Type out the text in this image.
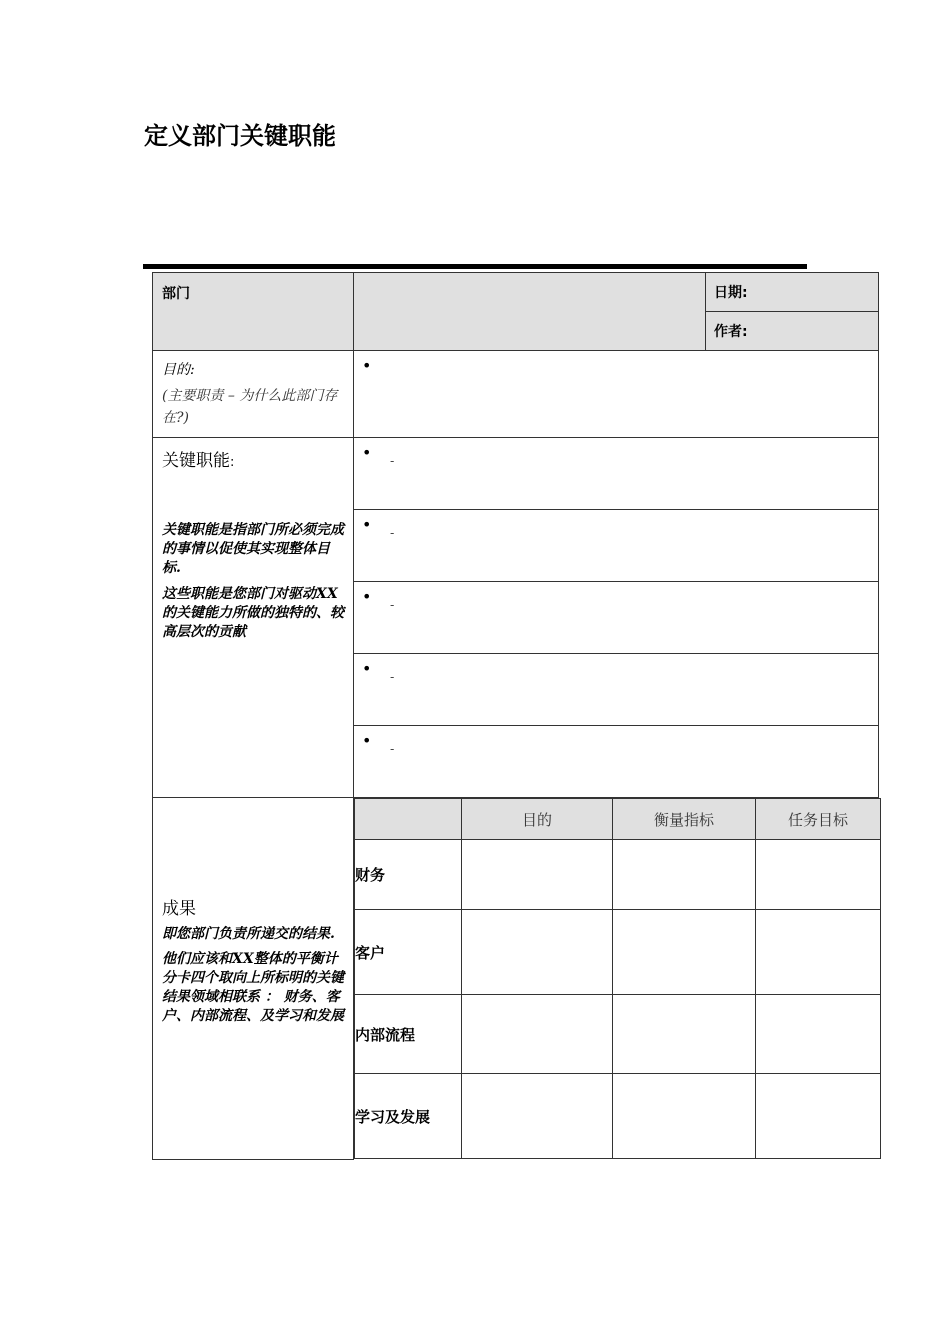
定义部门关键职能
部门		日期:

作者:

目的:
(主要职责 – 为什么此部门存在?)

•

关键职能:
关键职能是指部门所必须完成的事情以促使其实现整体目标.
这些职能是您部门对驱动XX的关键能力所做的独特的、较高层次的贡献

•	-

•	-

•	-

•	-

•	-

成果
即您部门负责所递交的结果.
他们应该和XX整体的平衡计分卡四个取向上所标明的关键结果领域相联系 ： 财务、客户、内部流程、及学习和发展

	目的	衡量指标	任务目标
财务			
客户			
内部流程			
学习及发展			
